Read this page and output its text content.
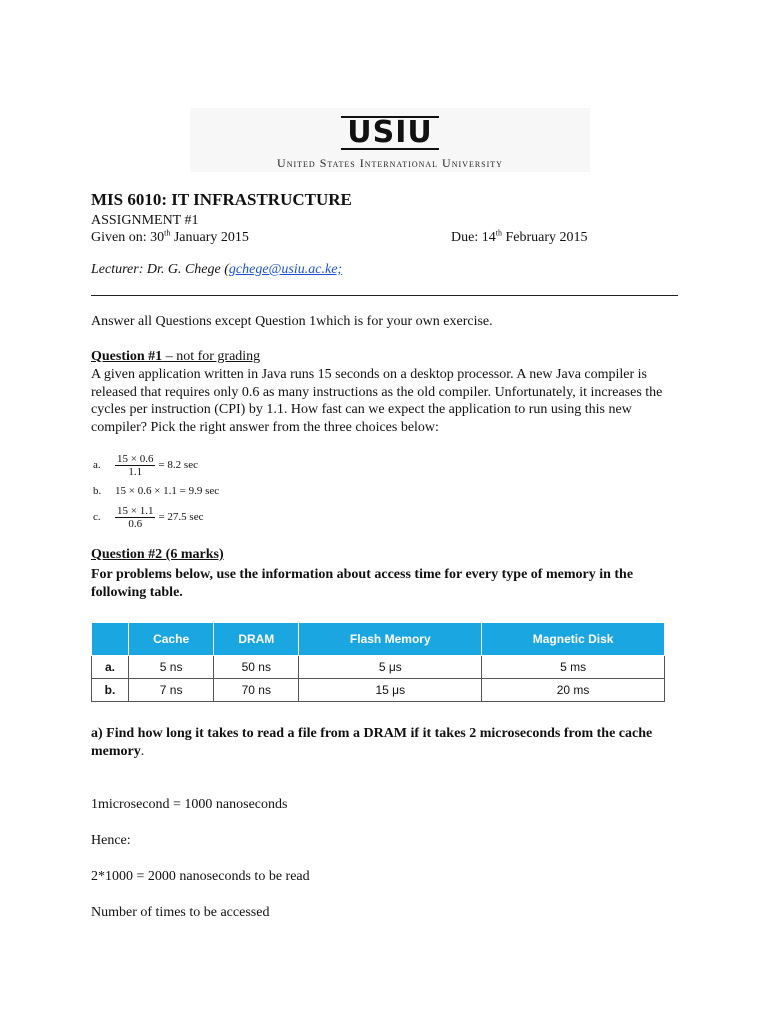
USIU
United States International University
MIS 6010: IT INFRASTRUCTURE
ASSIGNMENT #1
Given on: 30th January 2015	Due: 14th February 2015
Lecturer: Dr. G. Chege (gchege@usiu.ac.ke;
Answer all Questions except Question 1which is for your own exercise.
Question #1 – not for grading
A given application written in Java runs 15 seconds on a desktop processor. A new Java compiler is released that requires only 0.6 as many instructions as the old compiler. Unfortunately, it increases the cycles per instruction (CPI) by 1.1. How fast can we expect the application to run using this new compiler? Pick the right answer from the three choices below:
a.	$\frac{15 \times 0.6}{1.1} = 8.2$ sec
b.	15 × 0.6 × 1.1 = 9.9 sec
c.	$\frac{15 \times 1.1}{0.6} = 27.5$ sec
Question #2 (6 marks)
For problems below, use the information about access time for every type of memory in the following table.
	Cache	DRAM	Flash Memory	Magnetic Disk
a.	5 ns	50 ns	5 μs	5 ms
b.	7 ns	70 ns	15 μs	20 ms
a) Find how long it takes to read a file from a DRAM if it takes 2 microseconds from the cache memory.
1microsecond = 1000 nanoseconds
Hence:
2*1000 = 2000 nanoseconds to be read
Number of times to be accessed
